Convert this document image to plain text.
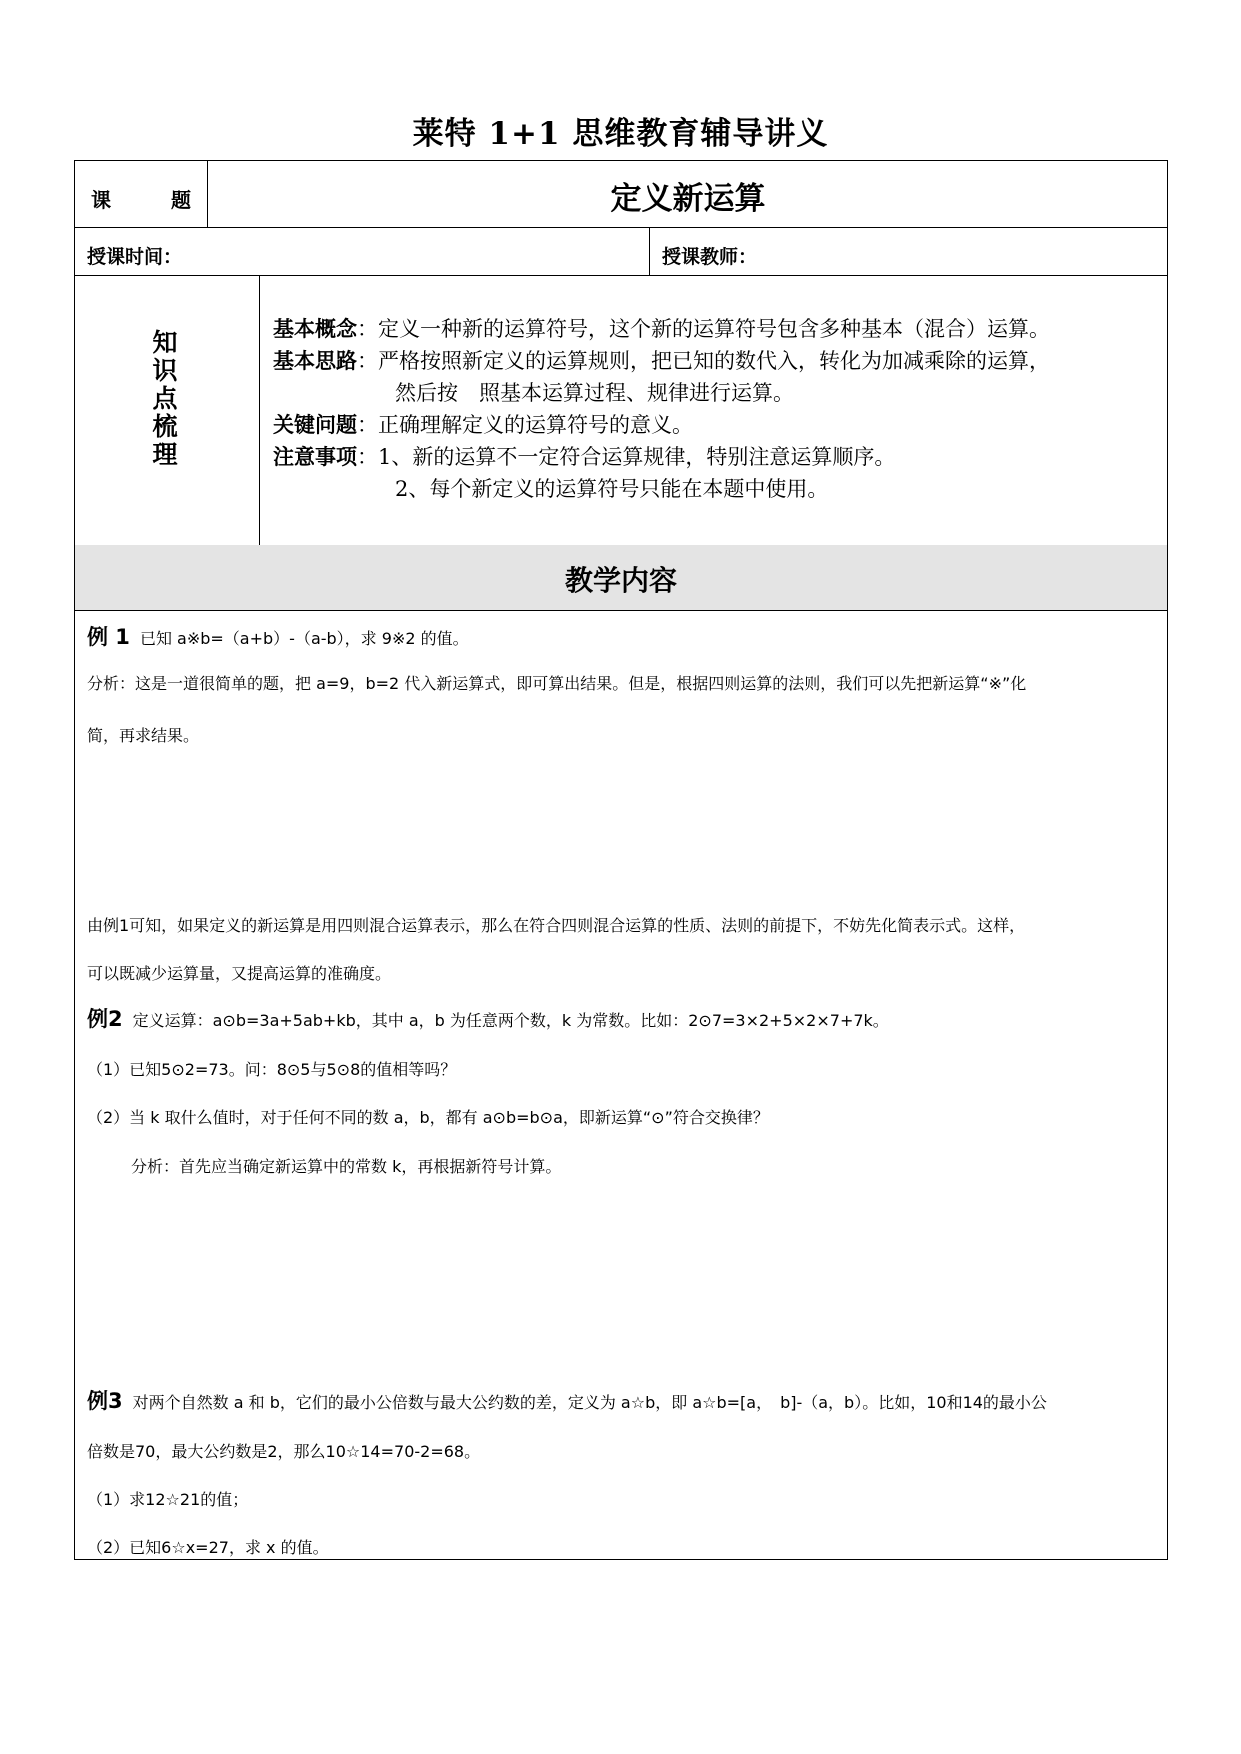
莱特 1+1 思维教育辅导讲义
课	题	定义新运算
授课时间：	授课教师：
知
识
点
梳
理
基本概念 ：定义一种新的运算符号，这个新的运算符号包含多种基本（混合）运算。
基本思路 ：严格按照新定义的运算规则，把已知的数代入，转化为加减乘除的运算，
然后按　照基本运算过程、规律进行运算。
关键问题 ：正确理解定义的运算符号的意义。
注意事项 ：1、新的运算不一定符合运算规律，特别注意运算顺序。
2、每个新定义的运算符号只能在本题中使用。
教学内容
例 1 已知 a※b=（a+b）-（a-b），求 9※2 的值。
分析：这是一道很简单的题，把 a=9，b=2 代入新运算式，即可算出结果。但是，根据四则运算的法则，我们可以先把新运算“※”化
简，再求结果。
由例1可知，如果定义的新运算是用四则混合运算表示，那么在符合四则混合运算的性质、法则的前提下，不妨先化简表示式。这样，
可以既减少运算量，又提高运算的准确度。
例2 定义运算：a⊙b=3a+5ab+kb，其中 a，b 为任意两个数，k 为常数。比如：2⊙7=3×2+5×2×7+7k。
（1）已知5⊙2=73。问：8⊙5与5⊙8的值相等吗？
（2）当 k 取什么值时，对于任何不同的数 a，b，都有 a⊙b=b⊙a，即新运算“⊙”符合交换律？
分析：首先应当确定新运算中的常数 k，再根据新符号计算。
例3 对两个自然数 a 和 b，它们的最小公倍数与最大公约数的差，定义为 a☆b，即 a☆b=[a，　b]-（a，b）。比如，10和14的最小公
倍数是70，最大公约数是2，那么10☆14=70-2=68。
（1）求12☆21的值；
（2）已知6☆x=27，求 x 的值。
